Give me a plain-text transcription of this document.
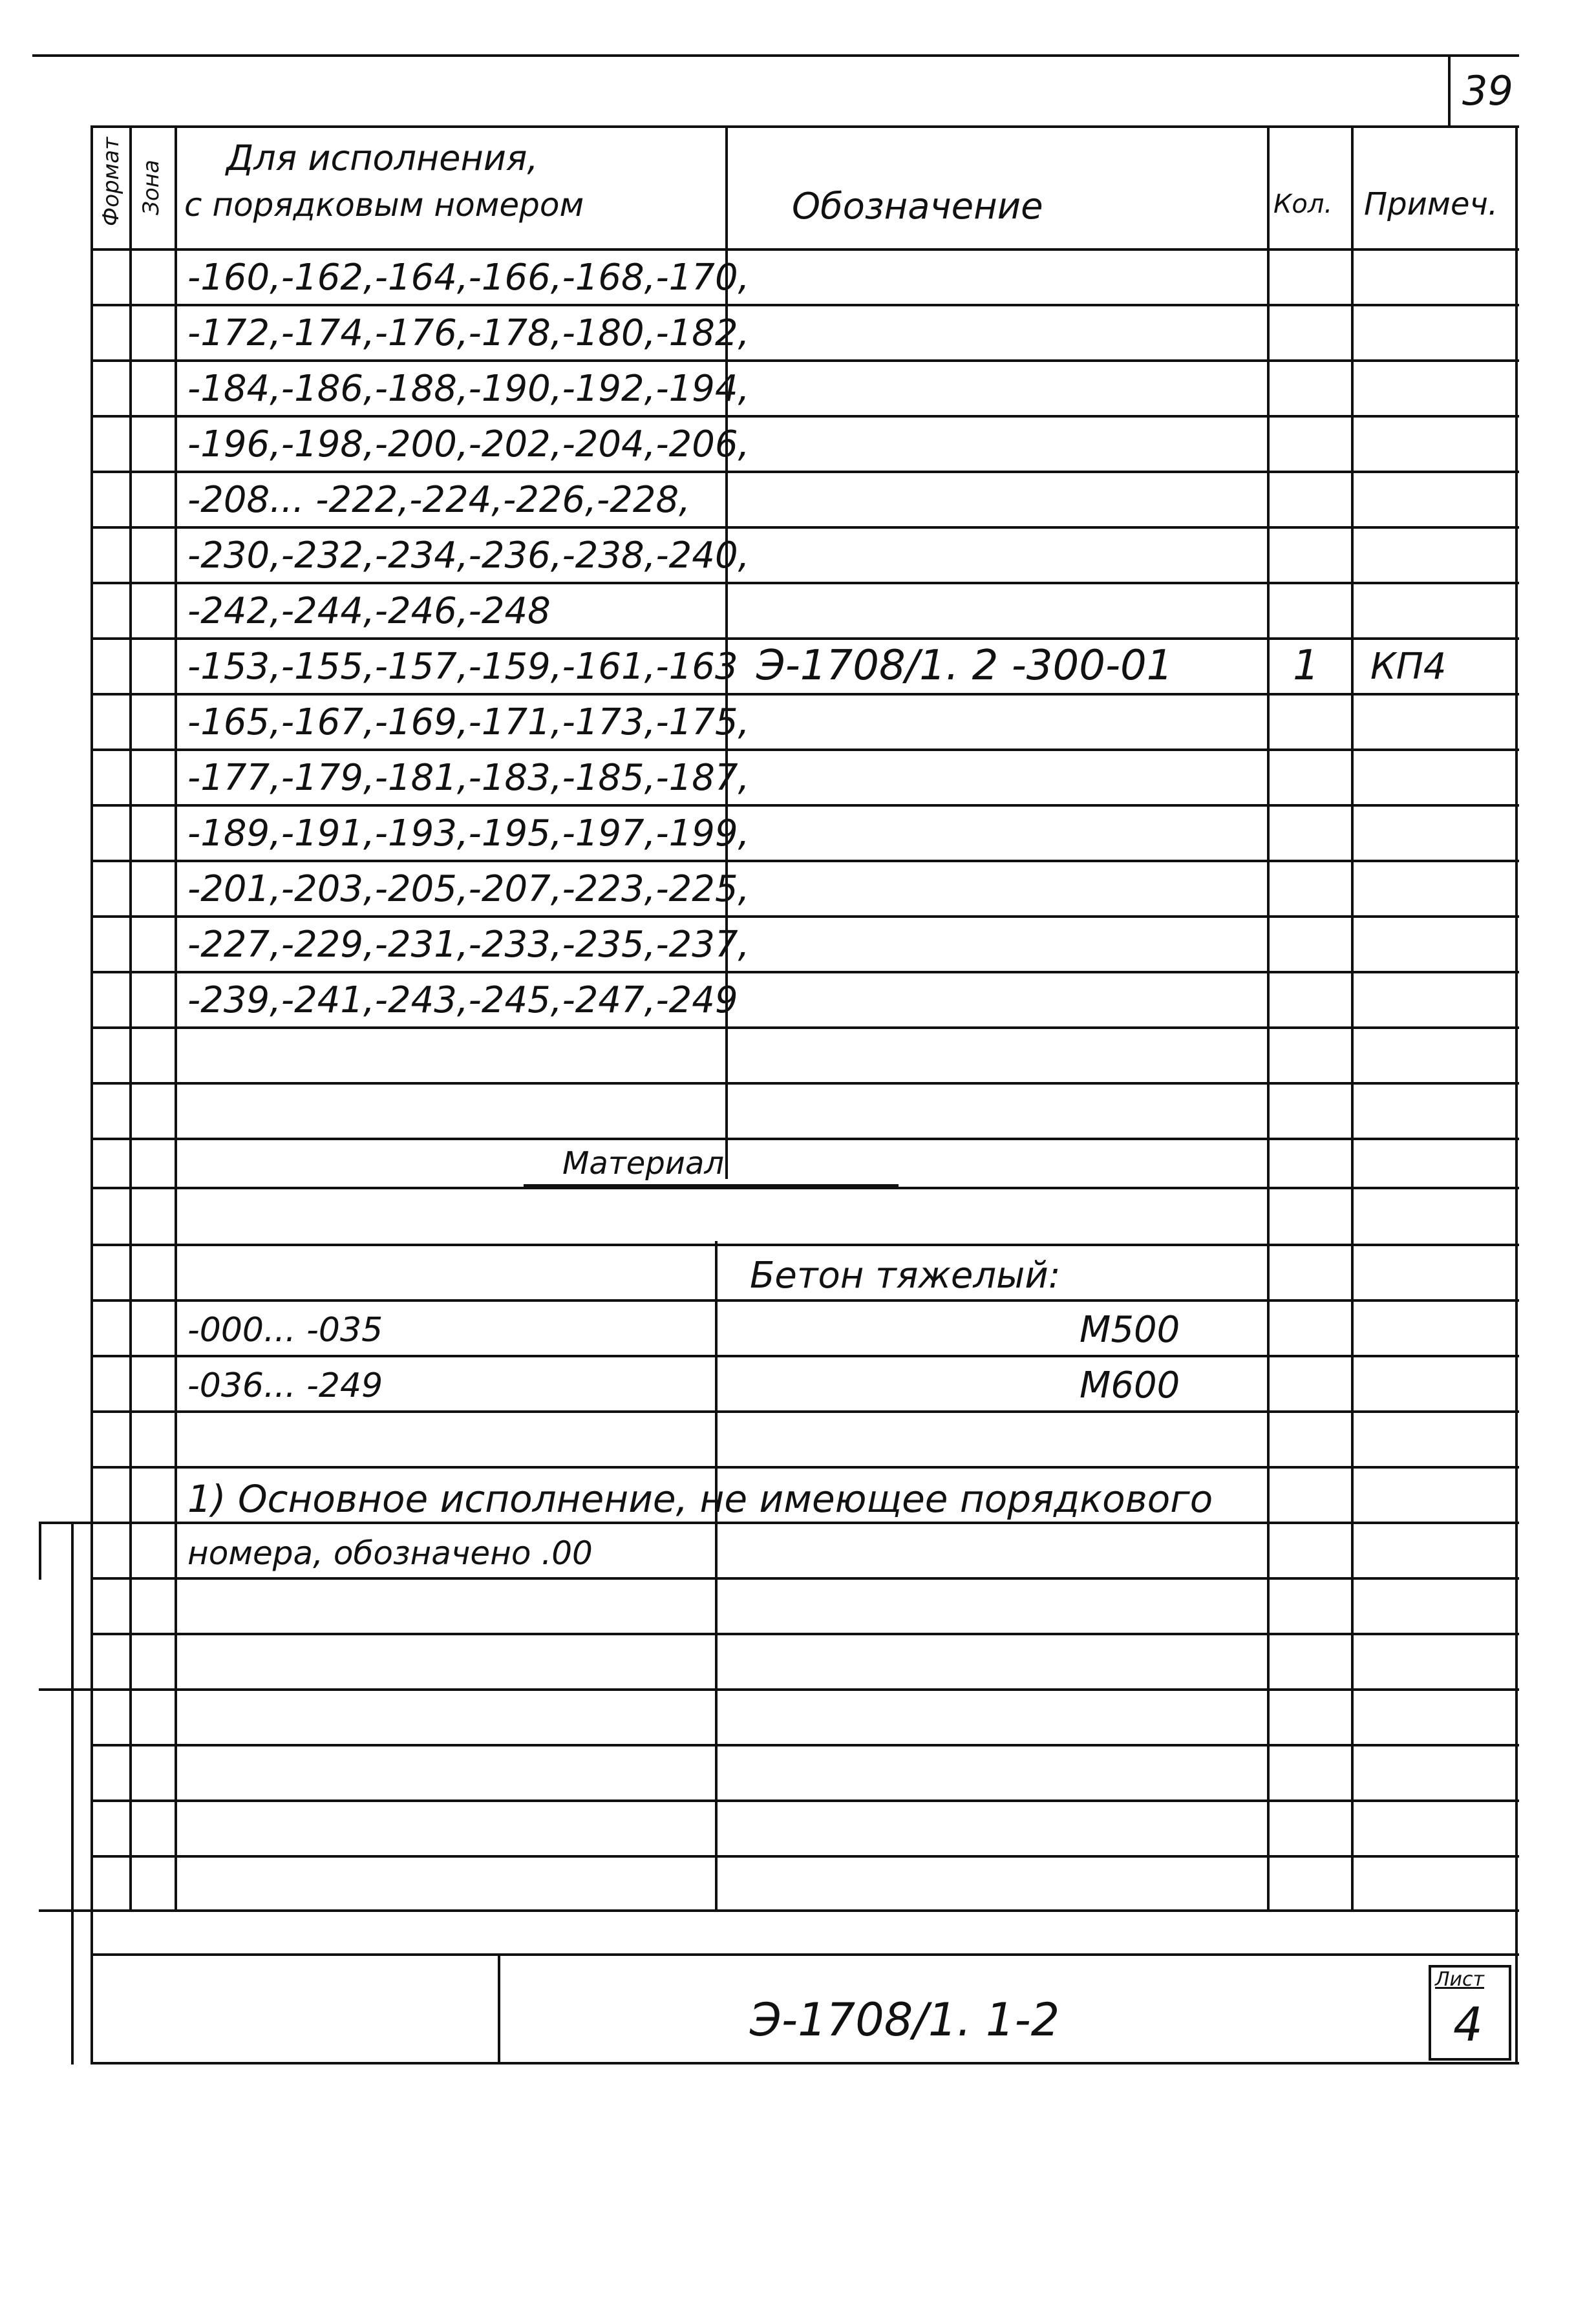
39
Формат Зона
Для исполнения,
с порядковым номером	Обозначение	Кол. Примеч.
-160,-162,-164,-166,-168,-170,
-172,-174,-176,-178,-180,-182,
-184,-186,-188,-190,-192,-194,
-196,-198,-200,-202,-204,-206,
-208... -222,-224,-226,-228,
-230,-232,-234,-236,-238,-240,
-242,-244,-246,-248
-153,-155,-157,-159,-161,-163 Э-1708/1. 2 -300-01	1 КП4
-165,-167,-169,-171,-173,-175,
-177,-179,-181,-183,-185,-187,
-189,-191,-193,-195,-197,-199,
-201,-203,-205,-207,-223,-225,
-227,-229,-231,-233,-235,-237,
-239,-241,-243,-245,-247,-249
Материал
Бетон тяжелый:
-000... -035	М500
-036... -249	М600
1) Основное исполнение, не имеющее порядкового
номера, обозначено .00
Э-1708/1. 1-2
Лист
4
